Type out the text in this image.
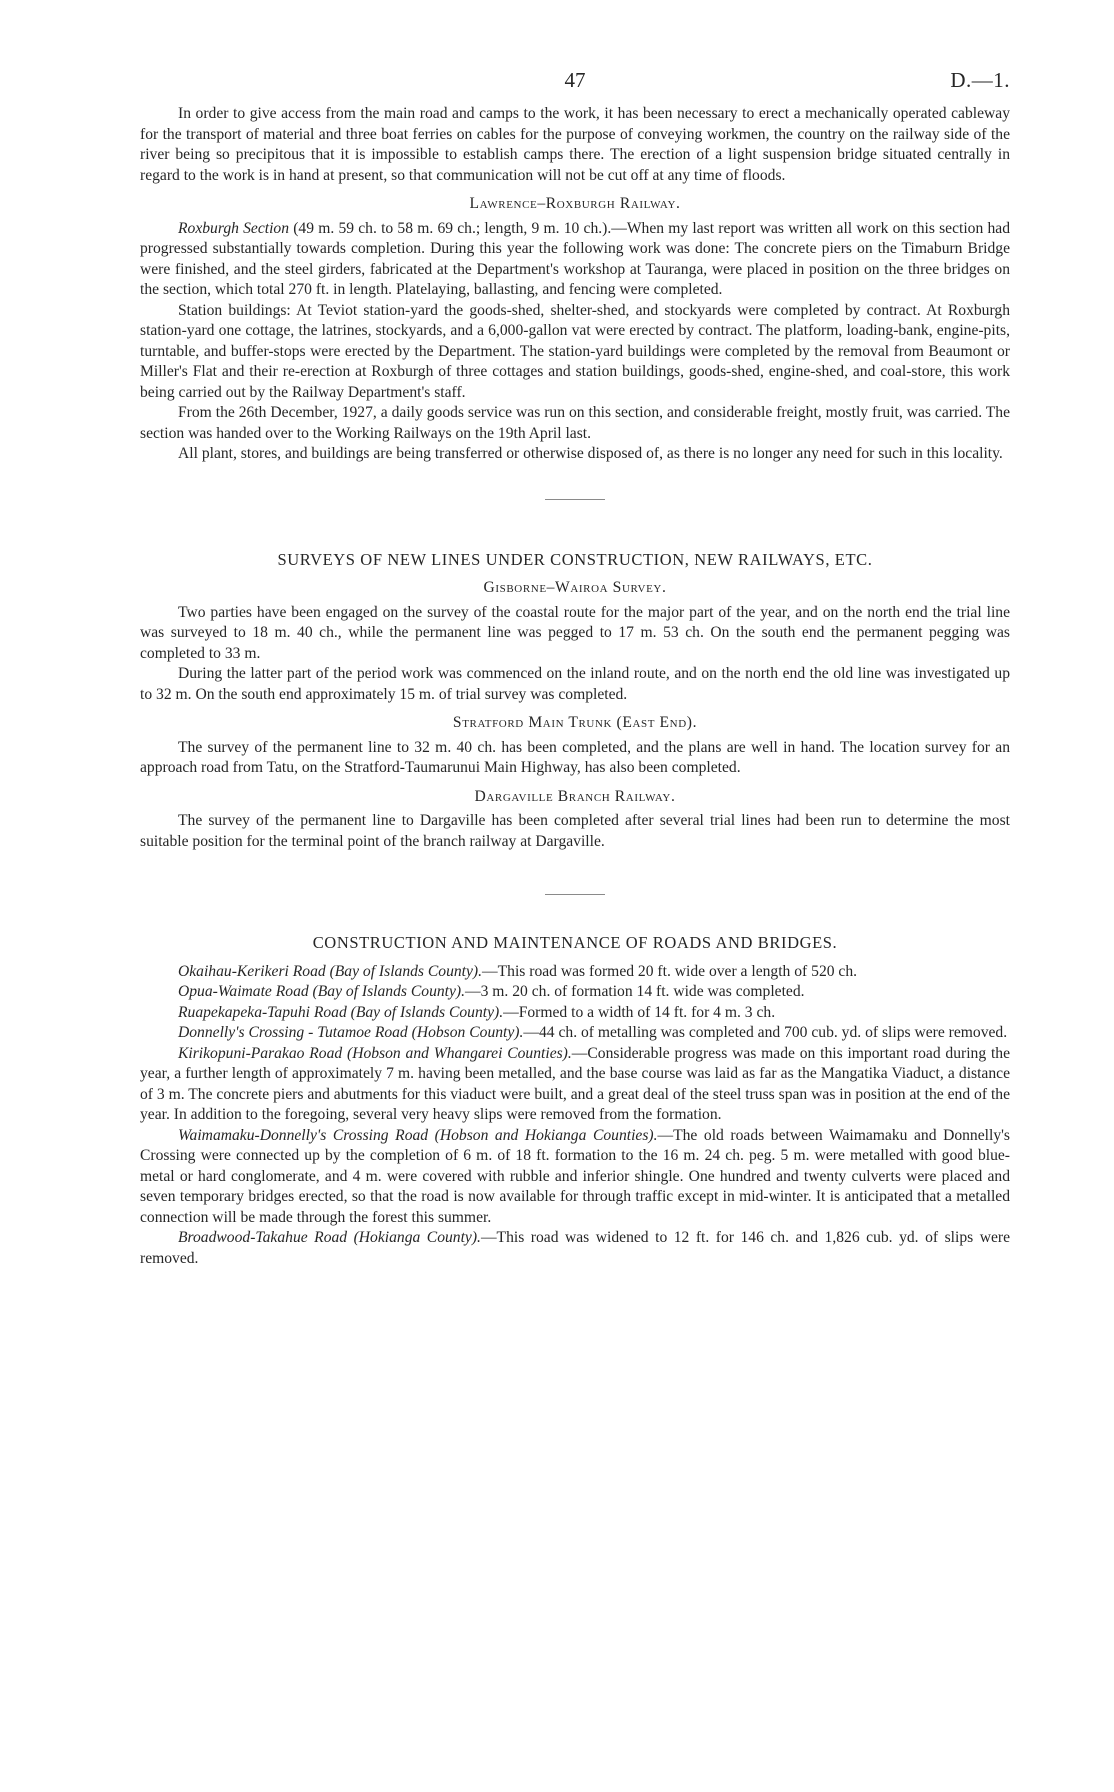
47	D.—1.

In order to give access from the main road and camps to the work, it has been necessary to erect a mechanically operated cableway for the transport of material and three boat ferries on cables for the purpose of conveying workmen, the country on the railway side of the river being so precipitous that it is impossible to establish camps there. The erection of a light suspension bridge situated centrally in regard to the work is in hand at present, so that communication will not be cut off at any time of floods.

Lawrence–Roxburgh Railway.

Roxburgh Section (49 m. 59 ch. to 58 m. 69 ch.; length, 9 m. 10 ch.).—When my last report was written all work on this section had progressed substantially towards completion. During this year the following work was done: The concrete piers on the Timaburn Bridge were finished, and the steel girders, fabricated at the Department's workshop at Tauranga, were placed in position on the three bridges on the section, which total 270 ft. in length. Platelaying, ballasting, and fencing were completed.

Station buildings: At Teviot station-yard the goods-shed, shelter-shed, and stockyards were completed by contract. At Roxburgh station-yard one cottage, the latrines, stockyards, and a 6,000-gallon vat were erected by contract. The platform, loading-bank, engine-pits, turntable, and buffer-stops were erected by the Department. The station-yard buildings were completed by the removal from Beaumont or Miller's Flat and their re-erection at Roxburgh of three cottages and station buildings, goods-shed, engine-shed, and coal-store, this work being carried out by the Railway Department's staff.

From the 26th December, 1927, a daily goods service was run on this section, and considerable freight, mostly fruit, was carried. The section was handed over to the Working Railways on the 19th April last.

All plant, stores, and buildings are being transferred or otherwise disposed of, as there is no longer any need for such in this locality.

SURVEYS OF NEW LINES UNDER CONSTRUCTION, NEW RAILWAYS, ETC.
Gisborne–Wairoa Survey.

Two parties have been engaged on the survey of the coastal route for the major part of the year, and on the north end the trial line was surveyed to 18 m. 40 ch., while the permanent line was pegged to 17 m. 53 ch. On the south end the permanent pegging was completed to 33 m.

During the latter part of the period work was commenced on the inland route, and on the north end the old line was investigated up to 32 m. On the south end approximately 15 m. of trial survey was completed.

Stratford Main Trunk (East End).

The survey of the permanent line to 32 m. 40 ch. has been completed, and the plans are well in hand. The location survey for an approach road from Tatu, on the Stratford-Taumarunui Main Highway, has also been completed.

Dargaville Branch Railway.

The survey of the permanent line to Dargaville has been completed after several trial lines had been run to determine the most suitable position for the terminal point of the branch railway at Dargaville.

CONSTRUCTION AND MAINTENANCE OF ROADS AND BRIDGES.

Okaihau-Kerikeri Road (Bay of Islands County).—This road was formed 20 ft. wide over a length of 520 ch.

Opua-Waimate Road (Bay of Islands County).—3 m. 20 ch. of formation 14 ft. wide was completed.

Ruapekapeka-Tapuhi Road (Bay of Islands County).—Formed to a width of 14 ft. for 4 m. 3 ch.

Donnelly's Crossing - Tutamoe Road (Hobson County).—44 ch. of metalling was completed and 700 cub. yd. of slips were removed.

Kirikopuni-Parakao Road (Hobson and Whangarei Counties).—Considerable progress was made on this important road during the year, a further length of approximately 7 m. having been metalled, and the base course was laid as far as the Mangatika Viaduct, a distance of 3 m. The concrete piers and abutments for this viaduct were built, and a great deal of the steel truss span was in position at the end of the year. In addition to the foregoing, several very heavy slips were removed from the formation.

Waimamaku-Donnelly's Crossing Road (Hobson and Hokianga Counties).—The old roads between Waimamaku and Donnelly's Crossing were connected up by the completion of 6 m. of 18 ft. formation to the 16 m. 24 ch. peg. 5 m. were metalled with good blue-metal or hard conglomerate, and 4 m. were covered with rubble and inferior shingle. One hundred and twenty culverts were placed and seven temporary bridges erected, so that the road is now available for through traffic except in mid-winter. It is anticipated that a metalled connection will be made through the forest this summer.

Broadwood-Takahue Road (Hokianga County).—This road was widened to 12 ft. for 146 ch. and 1,826 cub. yd. of slips were removed.
